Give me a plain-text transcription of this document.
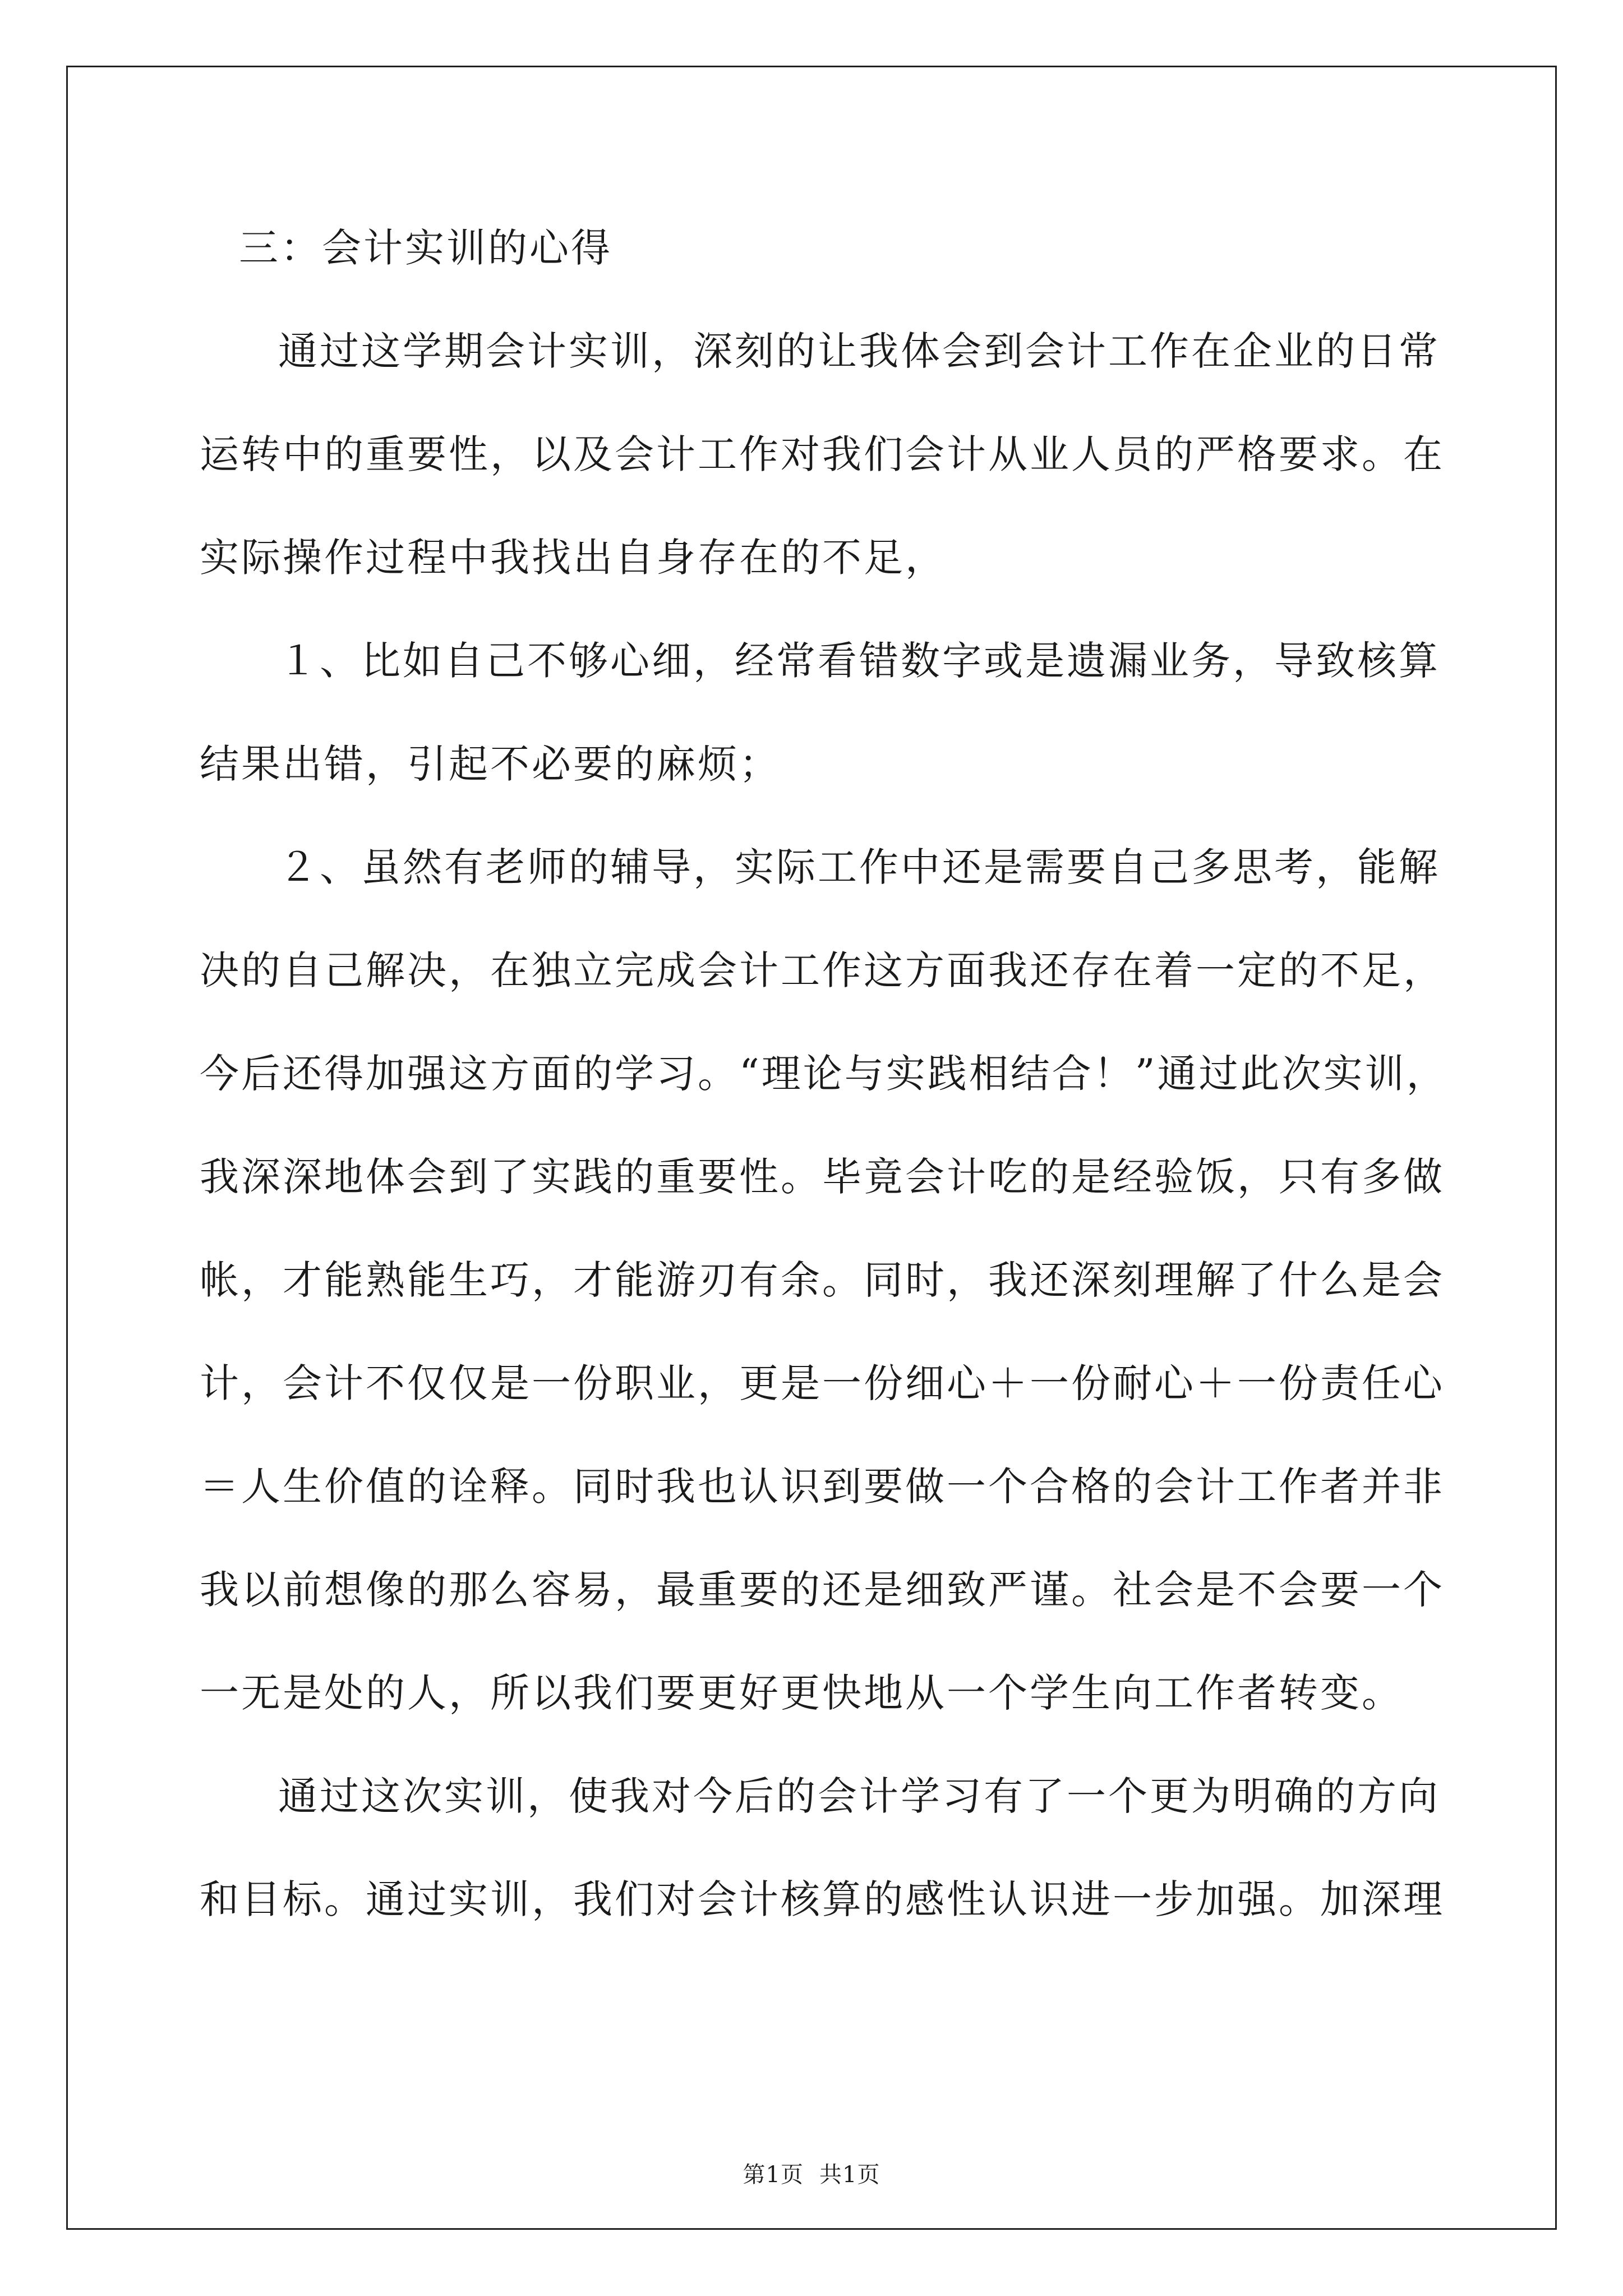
三：会计实训的心得
通过这学期会计实训，深刻的让我体会到会计工作在企业的日常
运转中的重要性，以及会计工作对我们会计从业人员的严格要求。在
实际操作过程中我找出自身存在的不足，
１、比如自己不够心细，经常看错数字或是遗漏业务，导致核算
结果出错，引起不必要的麻烦；
２、虽然有老师的辅导，实际工作中还是需要自己多思考，能解
决的自己解决，在独立完成会计工作这方面我还存在着一定的不足，
今后还得加强这方面的学习。“理论与实践相结合！”通过此次实训，
我深深地体会到了实践的重要性。毕竟会计吃的是经验饭，只有多做
帐，才能熟能生巧，才能游刃有余。同时，我还深刻理解了什么是会
计，会计不仅仅是一份职业，更是一份细心＋一份耐心＋一份责任心
＝人生价值的诠释。同时我也认识到要做一个合格的会计工作者并非
我以前想像的那么容易，最重要的还是细致严谨。社会是不会要一个
一无是处的人，所以我们要更好更快地从一个学生向工作者转变。
通过这次实训，使我对今后的会计学习有了一个更为明确的方向
和目标。通过实训，我们对会计核算的感性认识进一步加强。加深理
第1页 共1页
